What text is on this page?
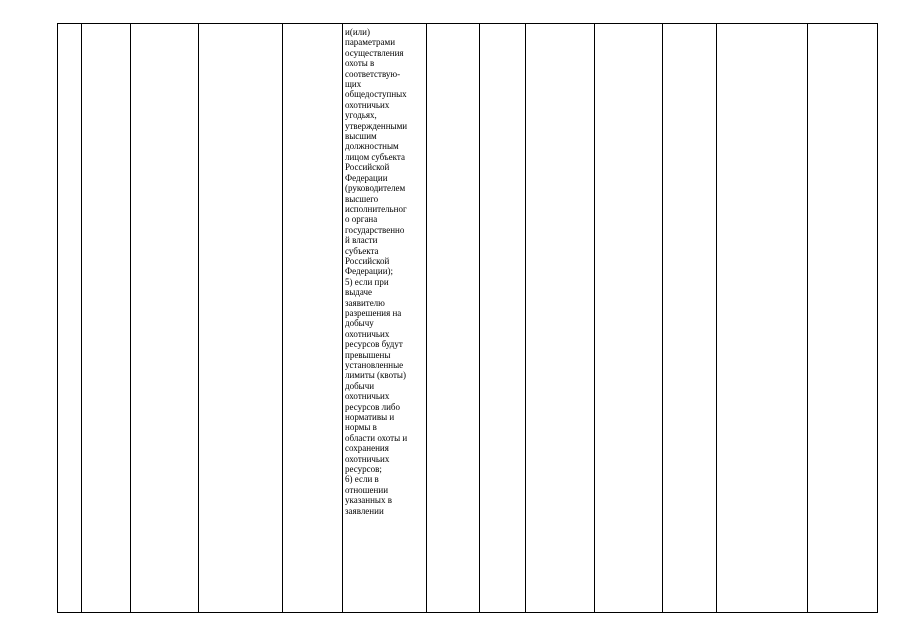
и(или)
параметрами
осуществления
охоты в
соответствую-
щих
общедоступных
охотничьих
угодьях,
утвержденными
высшим
должностным
лицом субъекта
Российской
Федерации
(руководителем
высшего
исполнительног
о органа
государственно
й власти
субъекта
Российской
Федерации);
5) если при
выдаче
заявителю
разрешения на
добычу
охотничьих
ресурсов будут
превышены
установленные
лимиты (квоты)
добычи
охотничьих
ресурсов либо
нормативы и
нормы в
области охоты и
сохранения
охотничьих
ресурсов;
6) если в
отношении
указанных в
заявлении
